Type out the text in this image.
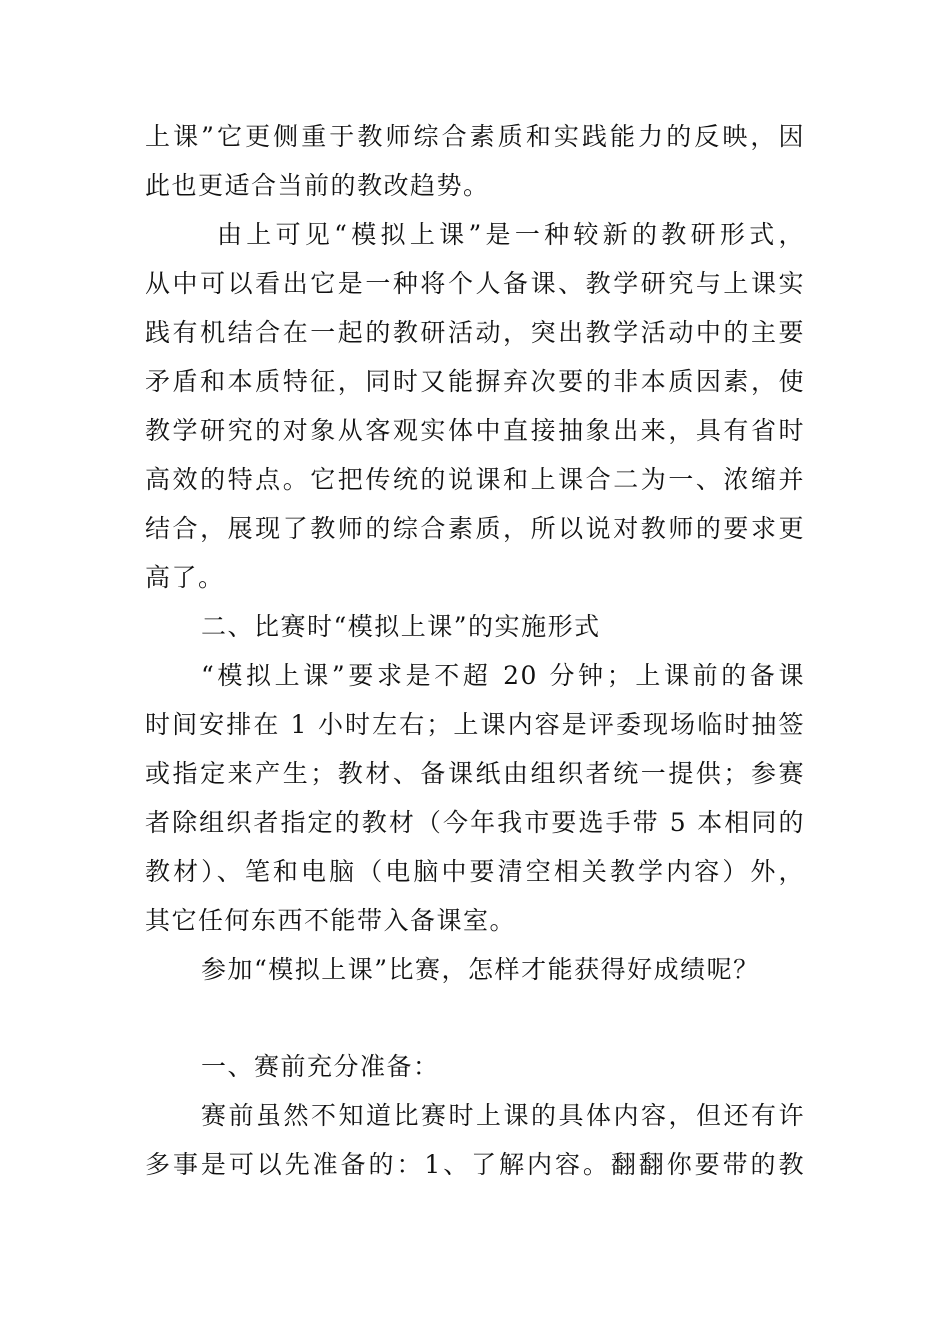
上课”它更侧重于教师综合素质和实践能力的反映，因
此也更适合当前的教改趋势。
由上可见“模拟上课”是一种较新的教研形式，
从中可以看出它是一种将个人备课、教学研究与上课实
践有机结合在一起的教研活动，突出教学活动中的主要
矛盾和本质特征，同时又能摒弃次要的非本质因素，使
教学研究的对象从客观实体中直接抽象出来，具有省时
高效的特点。它把传统的说课和上课合二为一、浓缩并
结合，展现了教师的综合素质，所以说对教师的要求更
高了。
二、比赛时“模拟上课”的实施形式
“模拟上课”要求是不超 20 分钟；上课前的备课
时间安排在 1 小时左右；上课内容是评委现场临时抽签
或指定来产生；教材、备课纸由组织者统一提供；参赛
者除组织者指定的教材（今年我市要选手带 5 本相同的
教材）、笔和电脑（电脑中要清空相关教学内容）外，
其它任何东西不能带入备课室。
参加“模拟上课”比赛，怎样才能获得好成绩呢？
一、赛前充分准备：
赛前虽然不知道比赛时上课的具体内容，但还有许
多事是可以先准备的：1、了解内容。翻翻你要带的教
